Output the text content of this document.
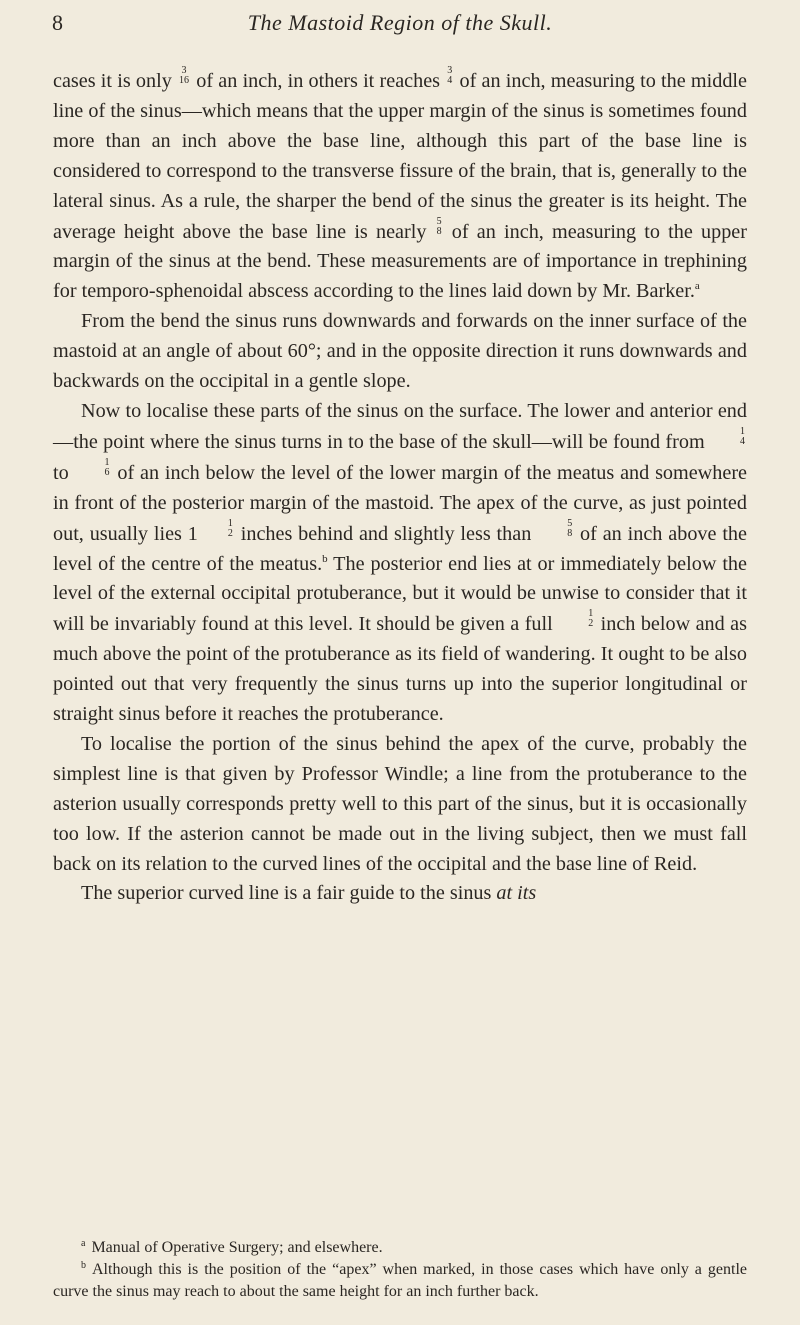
8	The Mastoid Region of the Skull.

cases it is only 3
16 of an inch, in others it reaches 3
4 of an inch, measuring to the middle line of the sinus—which means that the upper margin of the sinus is sometimes found more than an inch above the base line, although this part of the base line is considered to correspond to the transverse fissure of the brain, that is, generally to the lateral sinus. As a rule, the sharper the bend of the sinus the greater is its height. The average height above the base line is nearly 5
8 of an inch, measuring to the upper margin of the sinus at the bend. These measurements are of importance in trephining for temporo-sphenoidal abscess according to the lines laid down by Mr. Barker.$^a$

From the bend the sinus runs downwards and forwards on the inner surface of the mastoid at an angle of about 60°; and in the opposite direction it runs downwards and backwards on the occipital in a gentle slope.

Now to localise these parts of the sinus on the surface. The lower and anterior end—the point where the sinus turns in to the base of the skull—will be found from	1
4
to	1
6 of an inch below the level of the lower margin of the meatus and somewhere in front of the posterior margin of the mastoid. The apex of the curve, as just pointed out, usually lies 1	1
2 inches behind and slightly less than	5
8 of an inch above the level of the centre of the meatus.$^b$ The posterior end lies at or immediately below the level of the external occipital protuberance, but it would be unwise to consider that it will be invariably found at this level. It should be given a full	1
2 inch below and as much above the point of the protuberance as its field of wandering. It ought to be also pointed out that very frequently the sinus turns up into the superior longitudinal or straight sinus before it reaches the protuberance.

To localise the portion of the sinus behind the apex of the curve, probably the simplest line is that given by Professor Windle; a line from the protuberance to the asterion usually corresponds pretty well to this part of the sinus, but it is occasionally too low. If the asterion cannot be made out in the living subject, then we must fall back on its relation to the curved lines of the occipital and the base line of Reid.

The superior curved line is a fair guide to the sinus at its

$^a$ Manual of Operative Surgery; and elsewhere.

$^b$ Although this is the position of the “apex” when marked, in those cases which have only a gentle curve the sinus may reach to about the same height for an inch further back.
